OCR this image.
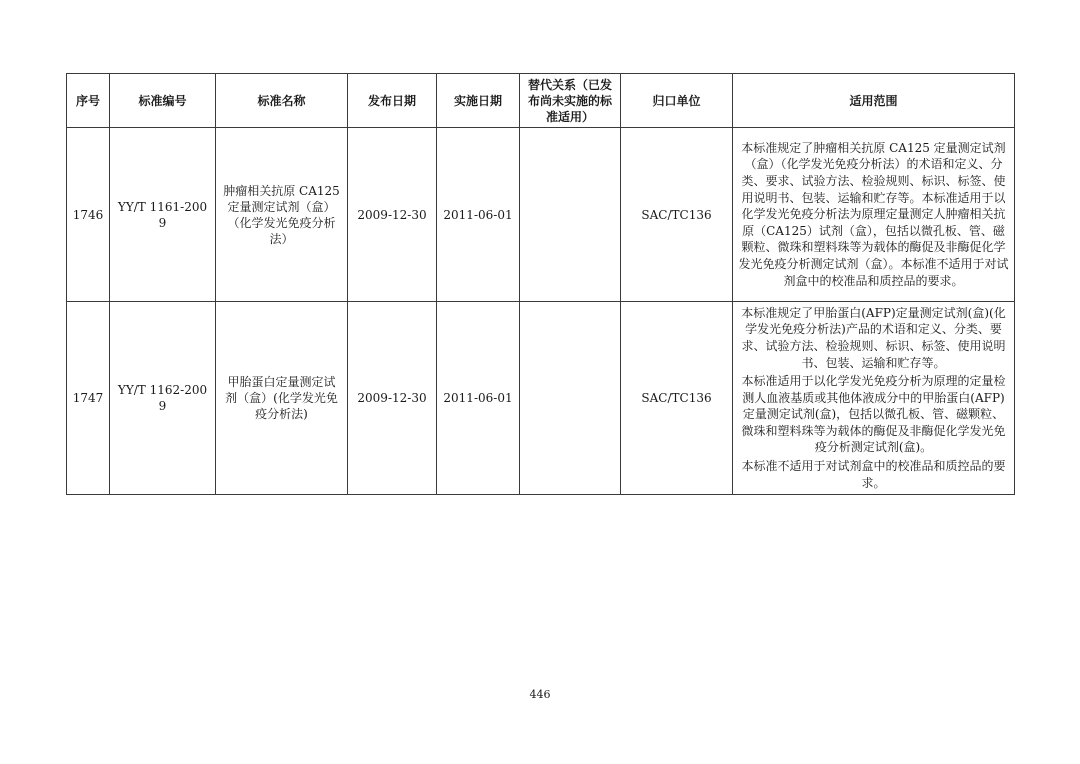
序号	标准编号	标准名称	发布日期	实施日期	替代关系（已发布尚未实施的标准适用）	归口单位	适用范围
1746	YY/T 1161-2009	肿瘤相关抗原 CA125 定量测定试剂（盒）（化学发光免疫分析法）	2009-12-30	2011-06-01		SAC/TC136	本标准规定了肿瘤相关抗原 CA125 定量测定试剂（盒）（化学发光免疫分析法）的术语和定义、分类、要求、试验方法、检验规则、标识、标签、使用说明书、包装、运输和贮存等。本标准适用于以化学发光免疫分析法为原理定量测定人肿瘤相关抗原（CA125）试剂（盒），包括以微孔板、管、磁颗粒、微珠和塑料珠等为载体的酶促及非酶促化学发光免疫分析测定试剂（盒）。本标准不适用于对试剂盒中的校准品和质控品的要求。

1747	YY/T 1162-2009	甲胎蛋白定量测定试剂（盒）(化学发光免疫分析法)	2009-12-30	2011-06-01		SAC/TC136	本标准规定了甲胎蛋白(AFP)定量测定试剂(盒)(化学发光免疫分析法)产品的术语和定义、分类、要求、试验方法、检验规则、标识、标签、使用说明书、包装、运输和贮存等。
本标准适用于以化学发光免疫分析为原理的定量检测人血液基质或其他体液成分中的甲胎蛋白(AFP)定量测定试剂(盒)，包括以微孔板、管、磁颗粒、微珠和塑料珠等为载体的酶促及非酶促化学发光免疫分析测定试剂(盒)。
本标准不适用于对试剂盒中的校准品和质控品的要求。
446
